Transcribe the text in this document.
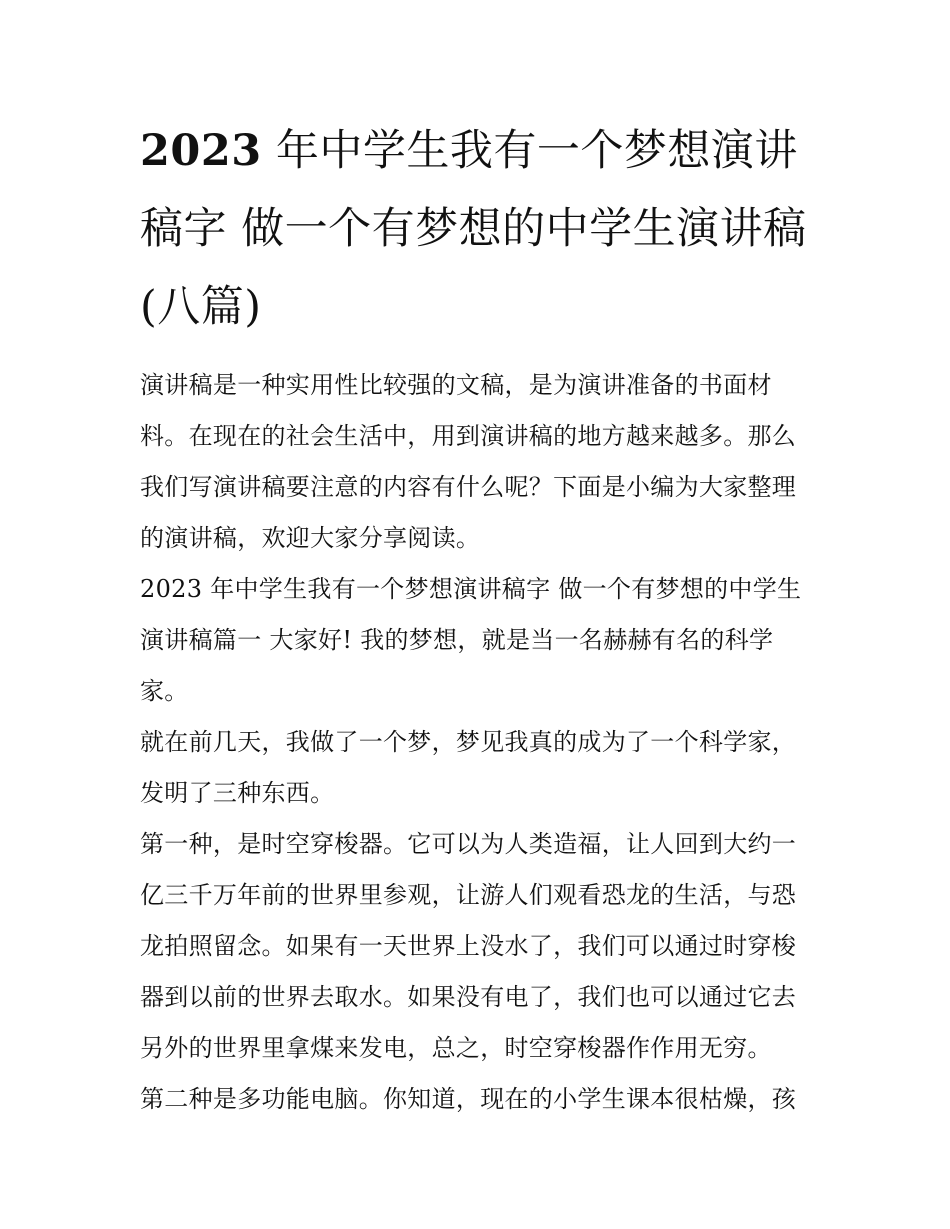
2023 年中学生我有一个梦想演讲稿字 做一个有梦想的中学生演讲稿(八篇)

演讲稿是一种实用性比较强的文稿，是为演讲准备的书面材料。在现在的社会生活中，用到演讲稿的地方越来越多。那么我们写演讲稿要注意的内容有什么呢？下面是小编为大家整理的演讲稿，欢迎大家分享阅读。

2023 年中学生我有一个梦想演讲稿字 做一个有梦想的中学生演讲稿篇一 大家好! 我的梦想，就是当一名赫赫有名的科学家。

就在前几天，我做了一个梦，梦见我真的成为了一个科学家，发明了三种东西。

第一种，是时空穿梭器。它可以为人类造福，让人回到大约一亿三千万年前的世界里参观，让游人们观看恐龙的生活，与恐龙拍照留念。如果有一天世界上没水了，我们可以通过时穿梭器到以前的世界去取水。如果没有电了，我们也可以通过它去另外的世界里拿煤来发电，总之，时空穿梭器作作用无穷。

第二种是多功能电脑。你知道，现在的小学生课本很枯燥，孩
